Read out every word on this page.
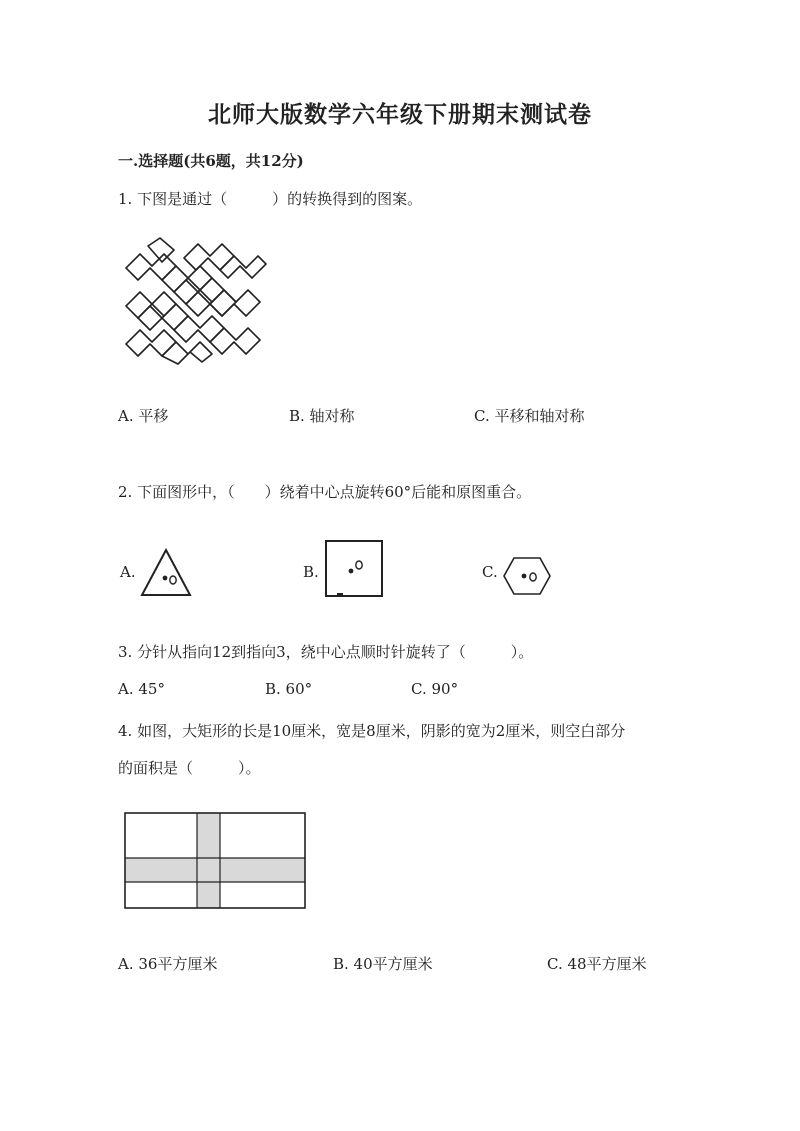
北师大版数学六年级下册期末测试卷
一.选择题(共6题，共12分)
1. 下图是通过（　　　）的转换得到的图案。
A. 平移	B. 轴对称	C. 平移和轴对称
2. 下面图形中，（　　）绕着中心点旋转60°后能和原图重合。
A.	B.	C.
3. 分针从指向12到指向3，绕中心点顺时针旋转了（　　　）。
A. 45°	B. 60°	C. 90°
4. 如图，大矩形的长是10厘米，宽是8厘米，阴影的宽为2厘米，则空白部分
的面积是（　　　）。
A. 36平方厘米	B. 40平方厘米	C. 48平方厘米
